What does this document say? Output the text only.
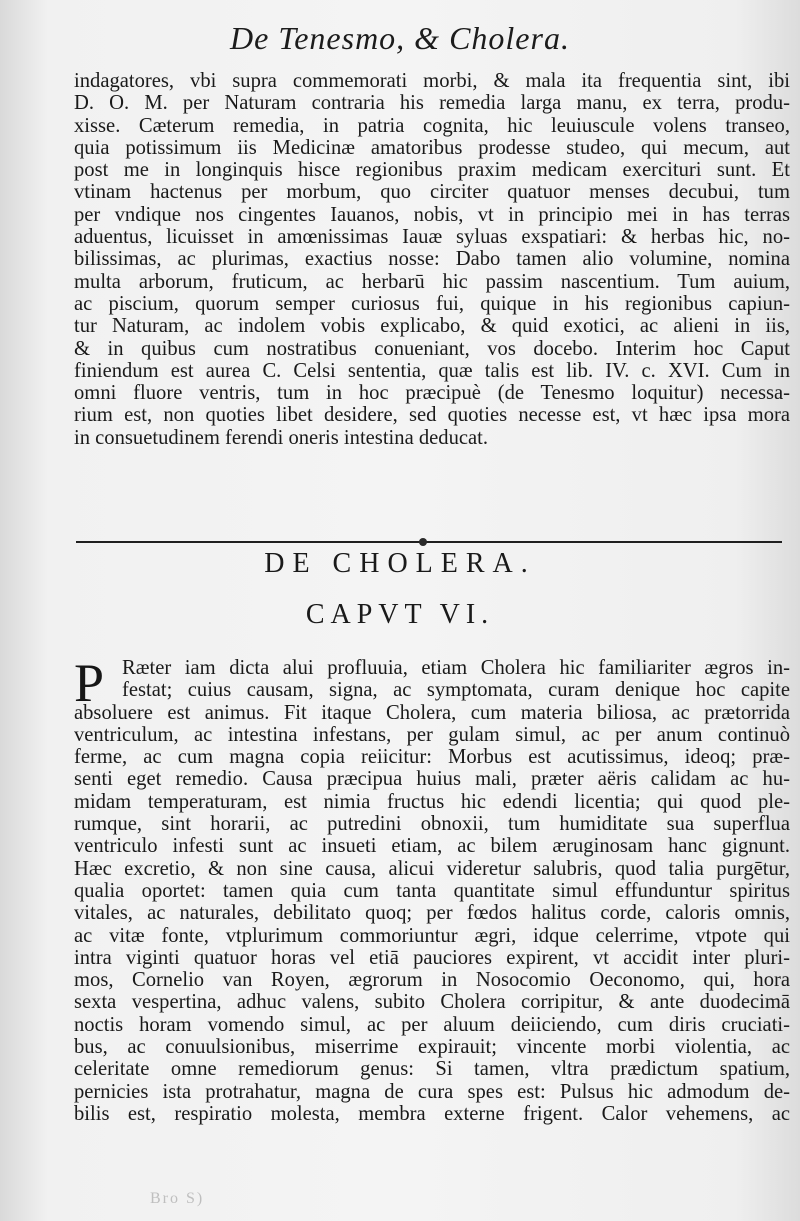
De Tenesmo, & Cholera.
indagatores, vbi supra commemorati morbi, & mala ita frequentia sint, ibi
D. O. M. per Naturam contraria his remedia larga manu, ex terra, produ-
xisse. Cæterum remedia, in patria cognita, hic leuiuscule volens transeo,
quia potissimum iis Medicinæ amatoribus prodesse studeo, qui mecum, aut
post me in longinquis hisce regionibus praxim medicam exerciturі sunt. Et
vtinam hactenus per morbum, quo circiter quatuor menses decubui, tum
per vndique nos cingentes Iauanos, nobis, vt in principio mei in has terras
aduentus, licuisset in amœnissimas Iauæ syluas exspatiari: & herbas hic, no-
bilissimas, ac plurimas, exactius nosse: Dabo tamen alio volumine, nomina
multa arborum, fruticum, ac herbarū hic passim nascentium. Tum auium,
ac piscium, quorum semper curiosus fui, quique in his regionibus capiun-
tur Naturam, ac indolem vobis explicabo, & quid exotici, ac alieni in iis,
& in quibus cum nostratibus conueniant, vos docebo. Interim hoc Caput
finiendum est aurea C. Celsi sententia, quæ talis est lib. IV. c. XVI. Cum in
omni fluore ventris, tum in hoc præcipuè (de Tenesmo loquitur) necessa-
rium est, non quoties libet desidere, sed quoties necesse est, vt hæc ipsa mora
in consuetudinem ferendi oneris intestina deducat.
DE CHOLERA.
CAPVT VI.
P Ræter iam dicta alui profluuia, etiam Cholera hic familiariter ægros in-
festat; cuius causam, signa, ac symptomata, curam denique hoc capite
absoluere est animus. Fit itaque Cholera, cum materia biliosa, ac prætorrida
ventriculum, ac intestina infestans, per gulam simul, ac per anum continuò
ferme, ac cum magna copia reiicitur: Morbus est acutissimus, ideoq; præ-
senti eget remedio. Causa præcipua huius mali, præter aëris calidam ac hu-
midam temperaturam, est nimia fructus hic edendi licentia; qui quod ple-
rumque, sint horarii, ac putredini obnoxii, tum humiditate sua superflua
ventriculo infesti sunt ac insueti etiam, ac bilem æruginosam hanc gignunt.
Hæc excretio, & non sine causa, alicui videretur salubris, quod talia purgētur,
qualia oportet: tamen quia cum tanta quantitate simul effunduntur spiritus
vitales, ac naturales, debilitato quoq; per fœdos halitus corde, caloris omnis,
ac vitæ fonte, vtplurimum commoriuntur ægri, idque celerrime, vtpote qui
intra viginti quatuor horas vel etiā pauciores expirent, vt accidit inter pluri-
mos, Cornelio van Royen, ægrorum in Nosocomio Oeconomo, qui, hora
sexta vespertina, adhuc valens, subito Cholera corripitur, & ante duodecimā
noctis horam vomendo simul, ac per aluum deiiciendo, cum diris cruciati-
bus, ac conuulsionibus, miserrime expirauit; vincente morbi violentia, ac
celeritate omne remediorum genus: Si tamen, vltra prædictum spatium,
pernicies ista protrahatur, magna de cura spes est: Pulsus hic admodum de-
bilis est, respiratio molesta, membra externe frigent. Calor vehemens, ac
Bro S)
